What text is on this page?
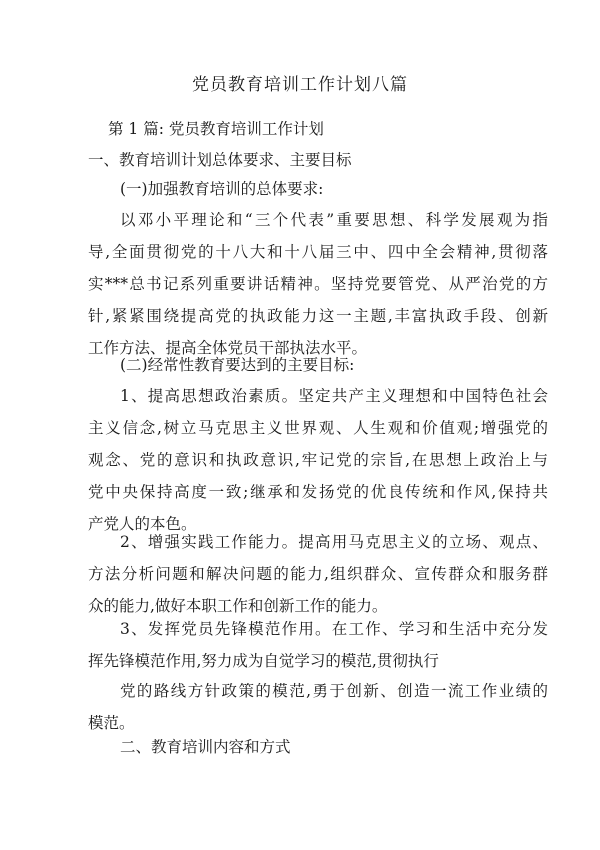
党员教育培训工作计划八篇
第 1 篇: 党员教育培训工作计划
一、教育培训计划总体要求、主要目标
(一)加强教育培训的总体要求:
以邓小平理论和“三个代表”重要思想、科学发展观为指
导,全面贯彻党的十八大和十八届三中、四中全会精神,贯彻落
实***总书记系列重要讲话精神。坚持党要管党、从严治党的方
针,紧紧围绕提高党的执政能力这一主题,丰富执政手段、创新
工作方法、提高全体党员干部执法水平。
(二)经常性教育要达到的主要目标:
1、提高思想政治素质。坚定共产主义理想和中国特色社会
主义信念,树立马克思主义世界观、人生观和价值观;增强党的
观念、党的意识和执政意识,牢记党的宗旨,在思想上政治上与
党中央保持高度一致;继承和发扬党的优良传统和作风,保持共
产党人的本色。
2、增强实践工作能力。提高用马克思主义的立场、观点、
方法分析问题和解决问题的能力,组织群众、宣传群众和服务群
众的能力,做好本职工作和创新工作的能力。
3、发挥党员先锋模范作用。在工作、学习和生活中充分发
挥先锋模范作用,努力成为自觉学习的模范,贯彻执行
党的路线方针政策的模范,勇于创新、创造一流工作业绩的
模范。
二、教育培训内容和方式
